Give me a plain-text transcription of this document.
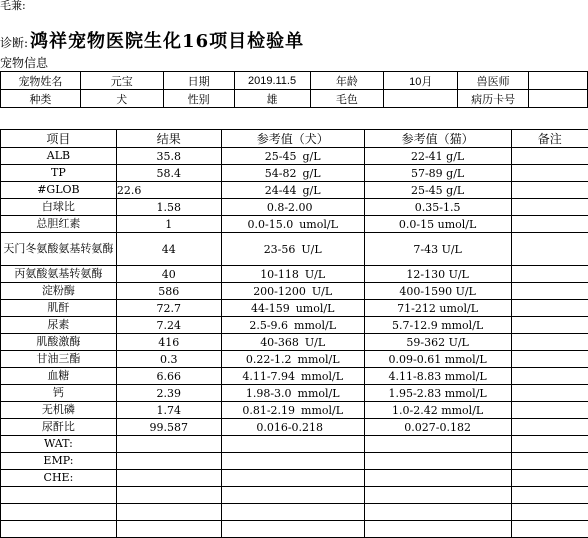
毛兼:
诊断: 鸿祥宠物医院生化16项目检验单
宠物信息
宠物姓名	元宝	日期	2019.11.5	年龄	10月	兽医师	
种类	犬	性别	雄	毛色		病历卡号	
项目	结果	参考值（犬）	参考值（猫）	备注
ALB	35.8	25-45 g/L	22-41 g/L	
TP	58.4	54-82 g/L	57-89 g/L	
#GLOB	22.6	24-44 g/L	25-45 g/L	
白球比	1.58	0.8-2.00	0.35-1.5	
总胆红素	1	0.0-15.0 umol/L	0.0-15 umol/L	
天门冬氨酸氨基转氨酶	44	23-56 U/L	7-43 U/L	
丙氨酸氨基转氨酶	40	10-118 U/L	12-130 U/L	
淀粉酶	586	200-1200 U/L	400-1590 U/L	
肌酐	72.7	44-159 umol/L	71-212 umol/L	
尿素	7.24	2.5-9.6 mmol/L	5.7-12.9 mmol/L	
肌酸激酶	416	40-368 U/L	59-362 U/L	
甘油三酯	0.3	0.22-1.2 mmol/L	0.09-0.61 mmol/L	
血糖	6.66	4.11-7.94 mmol/L	4.11-8.83 mmol/L	
钙	2.39	1.98-3.0 mmol/L	1.95-2.83 mmol/L	
无机磷	1.74	0.81-2.19 mmol/L	1.0-2.42 mmol/L	
尿酐比	99.587	0.016-0.218	0.027-0.182	
WAT:				
EMP:				
CHE:				
